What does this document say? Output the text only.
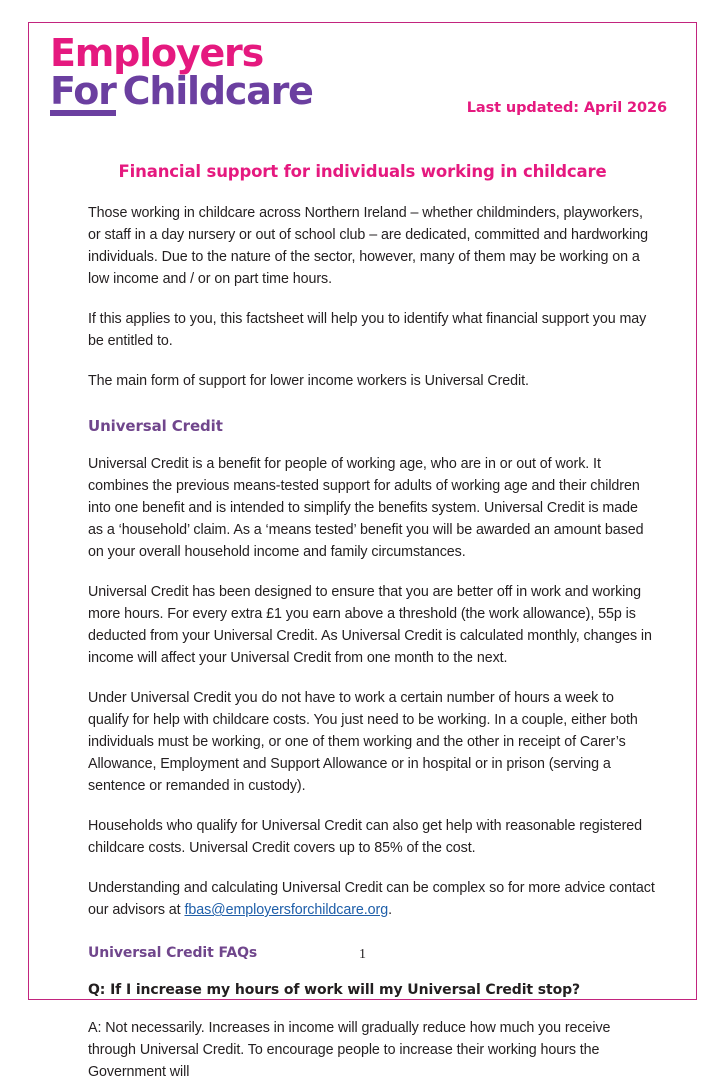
Employers
For Childcare	Last updated: April 2026
Financial support for individuals working in childcare

Those working in childcare across Northern Ireland – whether childminders, playworkers, or staff in a day nursery or out of school club – are dedicated, committed and hardworking individuals. Due to the nature of the sector, however, many of them may be working on a low income and / or on part time hours.

If this applies to you, this factsheet will help you to identify what financial support you may be entitled to.

The main form of support for lower income workers is Universal Credit.

Universal Credit

Universal Credit is a benefit for people of working age, who are in or out of work. It combines the previous means-tested support for adults of working age and their children into one benefit and is intended to simplify the benefits system. Universal Credit is made as a ‘household’ claim. As a ‘means tested’ benefit you will be awarded an amount based on your overall household income and family circumstances.

Universal Credit has been designed to ensure that you are better off in work and working more hours. For every extra £1 you earn above a threshold (the work allowance), 55p is deducted from your Universal Credit. As Universal Credit is calculated monthly, changes in income will affect your Universal Credit from one month to the next.

Under Universal Credit you do not have to work a certain number of hours a week to qualify for help with childcare costs. You just need to be working. In a couple, either both individuals must be working, or one of them working and the other in receipt of Carer’s Allowance, Employment and Support Allowance or in hospital or in prison (serving a sentence or remanded in custody).

Households who qualify for Universal Credit can also get help with reasonable registered childcare costs. Universal Credit covers up to 85% of the cost.

Understanding and calculating Universal Credit can be complex so for more advice contact our advisors at fbas@employersforchildcare.org.

Universal Credit FAQs

Q: If I increase my hours of work will my Universal Credit stop?

A: Not necessarily. Increases in income will gradually reduce how much you receive through Universal Credit. To encourage people to increase their working hours the Government will

1
